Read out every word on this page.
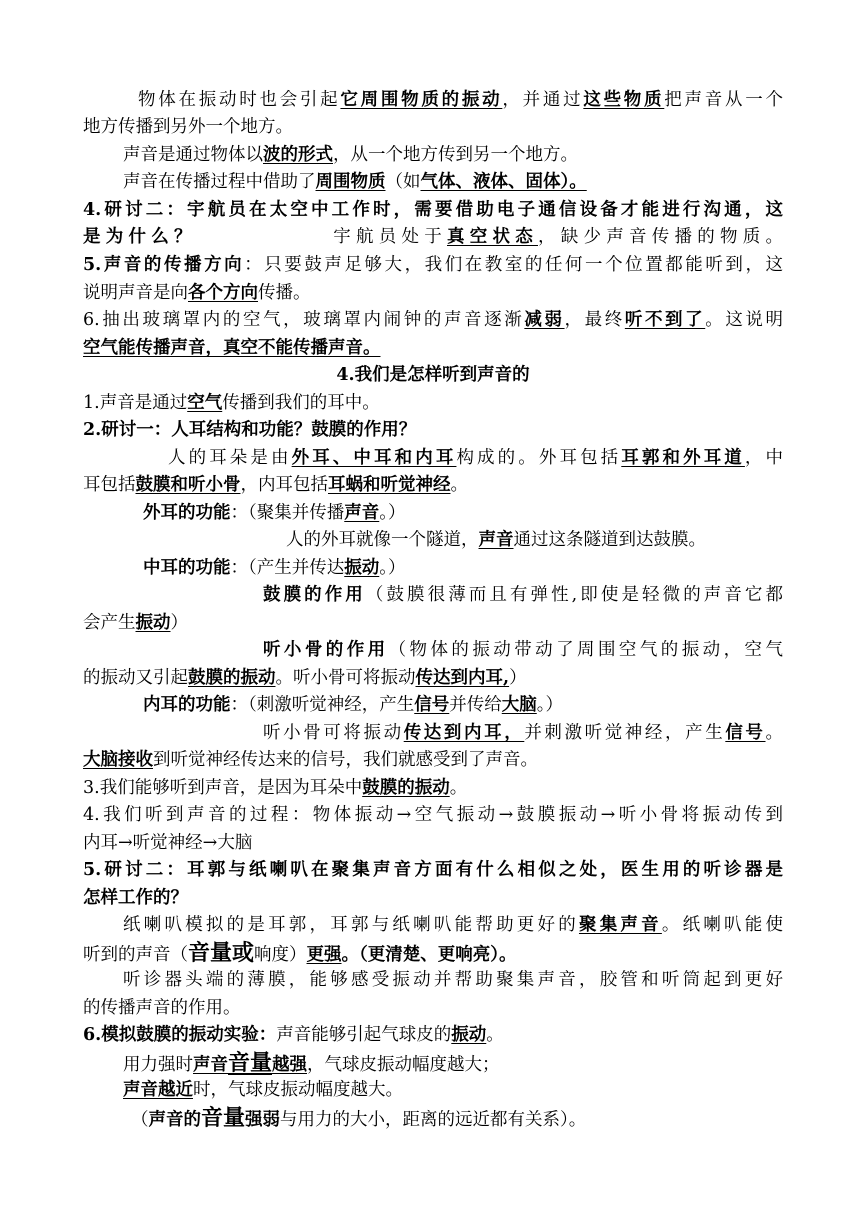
物体在振动时也会引起它周围物质的振动，并通过这些物质把声音从一个
地方传播到另外一个地方。
声音是通过物体以波的形式，从一个地方传到另一个地方。
声音在传播过程中借助了周围物质（如气体、液体、固体）。
4.研讨二：宇航员在太空中工作时，需要借助电子通信设备才能进行沟通，这
是为什么？　　　　　　宇航员处于真空状态，缺少声音传播的物质。
5.声音的传播方向：只要鼓声足够大，我们在教室的任何一个位置都能听到，这
说明声音是向各个方向传播。
6.抽出玻璃罩内的空气，玻璃罩内闹钟的声音逐渐减弱，最终听不到了。这说明
空气能传播声音，真空不能传播声音。
4.我们是怎样听到声音的
1.声音是通过空气传播到我们的耳中。
2.研讨一：人耳结构和功能？鼓膜的作用？
人的耳朵是由外耳、中耳和内耳构成的。外耳包括耳郭和外耳道，中
耳包括鼓膜和听小骨，内耳包括耳蜗和听觉神经。
外耳的功能：（聚集并传播声音。）
人的外耳就像一个隧道，声音通过这条隧道到达鼓膜。
中耳的功能：（产生并传达振动。）
鼓膜的作用（鼓膜很薄而且有弹性,即使是轻微的声音它都
会产生振动）
听小骨的作用（物体的振动带动了周围空气的振动，空气
的振动又引起鼓膜的振动。听小骨可将振动传达到内耳,）
内耳的功能：（刺激听觉神经，产生信号并传给大脑。）
听小骨可将振动传达到内耳，并刺激听觉神经，产生信号。
大脑接收到听觉神经传达来的信号，我们就感受到了声音。
3.我们能够听到声音，是因为耳朵中鼓膜的振动。
4.我们听到声音的过程：物体振动→空气振动→鼓膜振动→听小骨将振动传到
内耳→听觉神经→大脑
5.研讨二：耳郭与纸喇叭在聚集声音方面有什么相似之处，医生用的听诊器是
怎样工作的？
纸喇叭模拟的是耳郭，耳郭与纸喇叭能帮助更好的聚集声音。纸喇叭能使
听到的声音（音量或响度）更强。（更清楚、更响亮）。
听诊器头端的薄膜，能够感受振动并帮助聚集声音，胶管和听筒起到更好
的传播声音的作用。
6.模拟鼓膜的振动实验：声音能够引起气球皮的振动。
用力强时声音音量越强，气球皮振动幅度越大；
声音越近时，气球皮振动幅度越大。
（声音的音量强弱与用力的大小，距离的远近都有关系）。
